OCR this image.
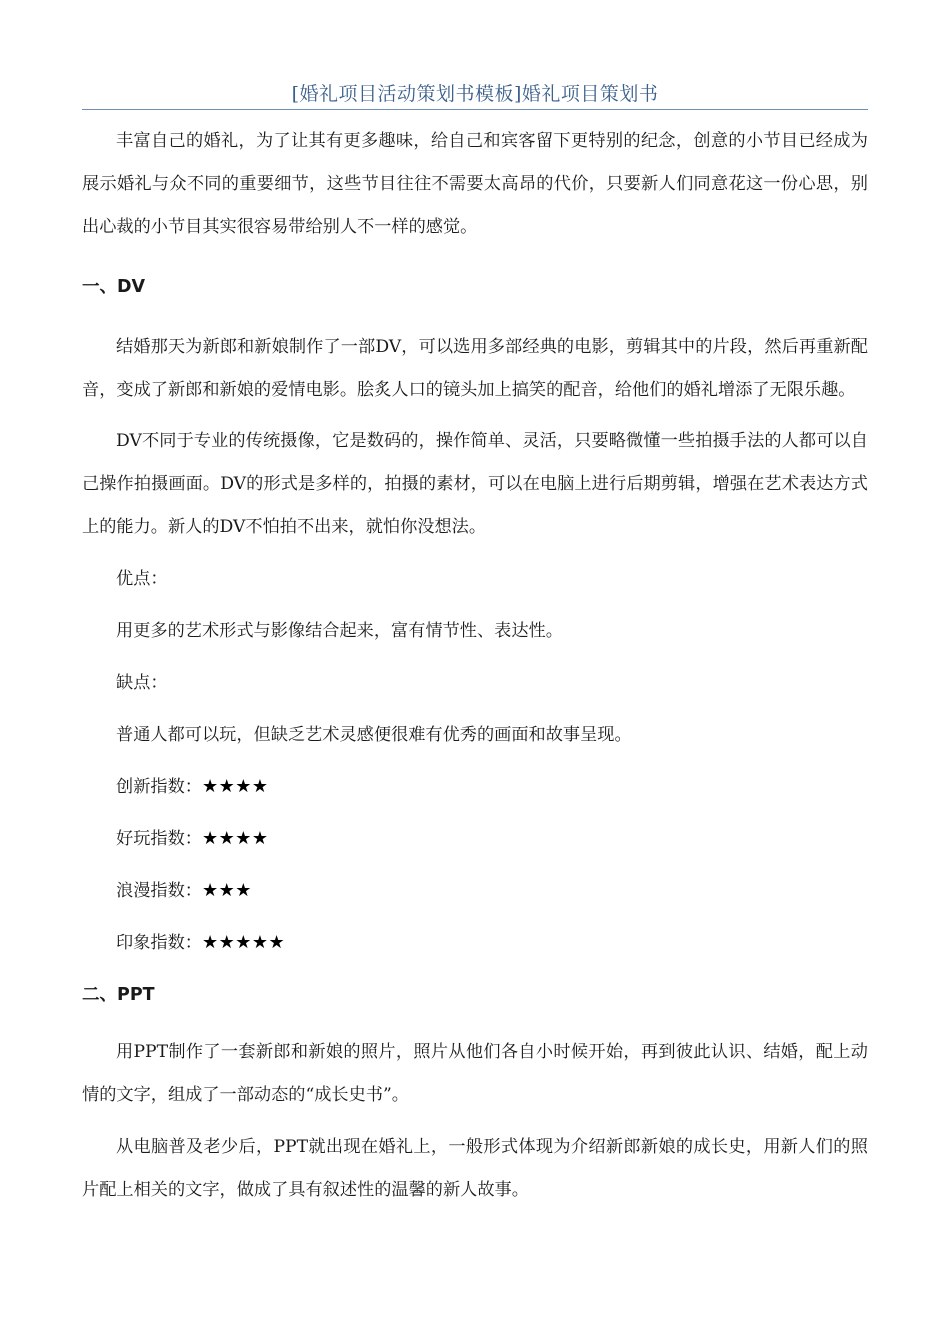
[婚礼项目活动策划书模板]婚礼项目策划书

丰富自己的婚礼，为了让其有更多趣味，给自己和宾客留下更特别的纪念，创意的小节目已经成为展示婚礼与众不同的重要细节，这些节目往往不需要太高昂的代价，只要新人们同意花这一份心思，别出心裁的小节目其实很容易带给别人不一样的感觉。

一、DV

结婚那天为新郎和新娘制作了一部DV，可以选用多部经典的电影，剪辑其中的片段，然后再重新配音，变成了新郎和新娘的爱情电影。脍炙人口的镜头加上搞笑的配音，给他们的婚礼增添了无限乐趣。

DV不同于专业的传统摄像，它是数码的，操作简单、灵活，只要略微懂一些拍摄手法的人都可以自己操作拍摄画面。DV的形式是多样的，拍摄的素材，可以在电脑上进行后期剪辑，增强在艺术表达方式上的能力。新人的DV不怕拍不出来，就怕你没想法。

优点：

用更多的艺术形式与影像结合起来，富有情节性、表达性。

缺点：

普通人都可以玩，但缺乏艺术灵感便很难有优秀的画面和故事呈现。

创新指数：★★★★

好玩指数：★★★★

浪漫指数：★★★

印象指数：★★★★★

二、PPT

用PPT制作了一套新郎和新娘的照片，照片从他们各自小时候开始，再到彼此认识、结婚，配上动情的文字，组成了一部动态的“成长史书”。

从电脑普及老少后，PPT就出现在婚礼上，一般形式体现为介绍新郎新娘的成长史，用新人们的照片配上相关的文字，做成了具有叙述性的温馨的新人故事。
